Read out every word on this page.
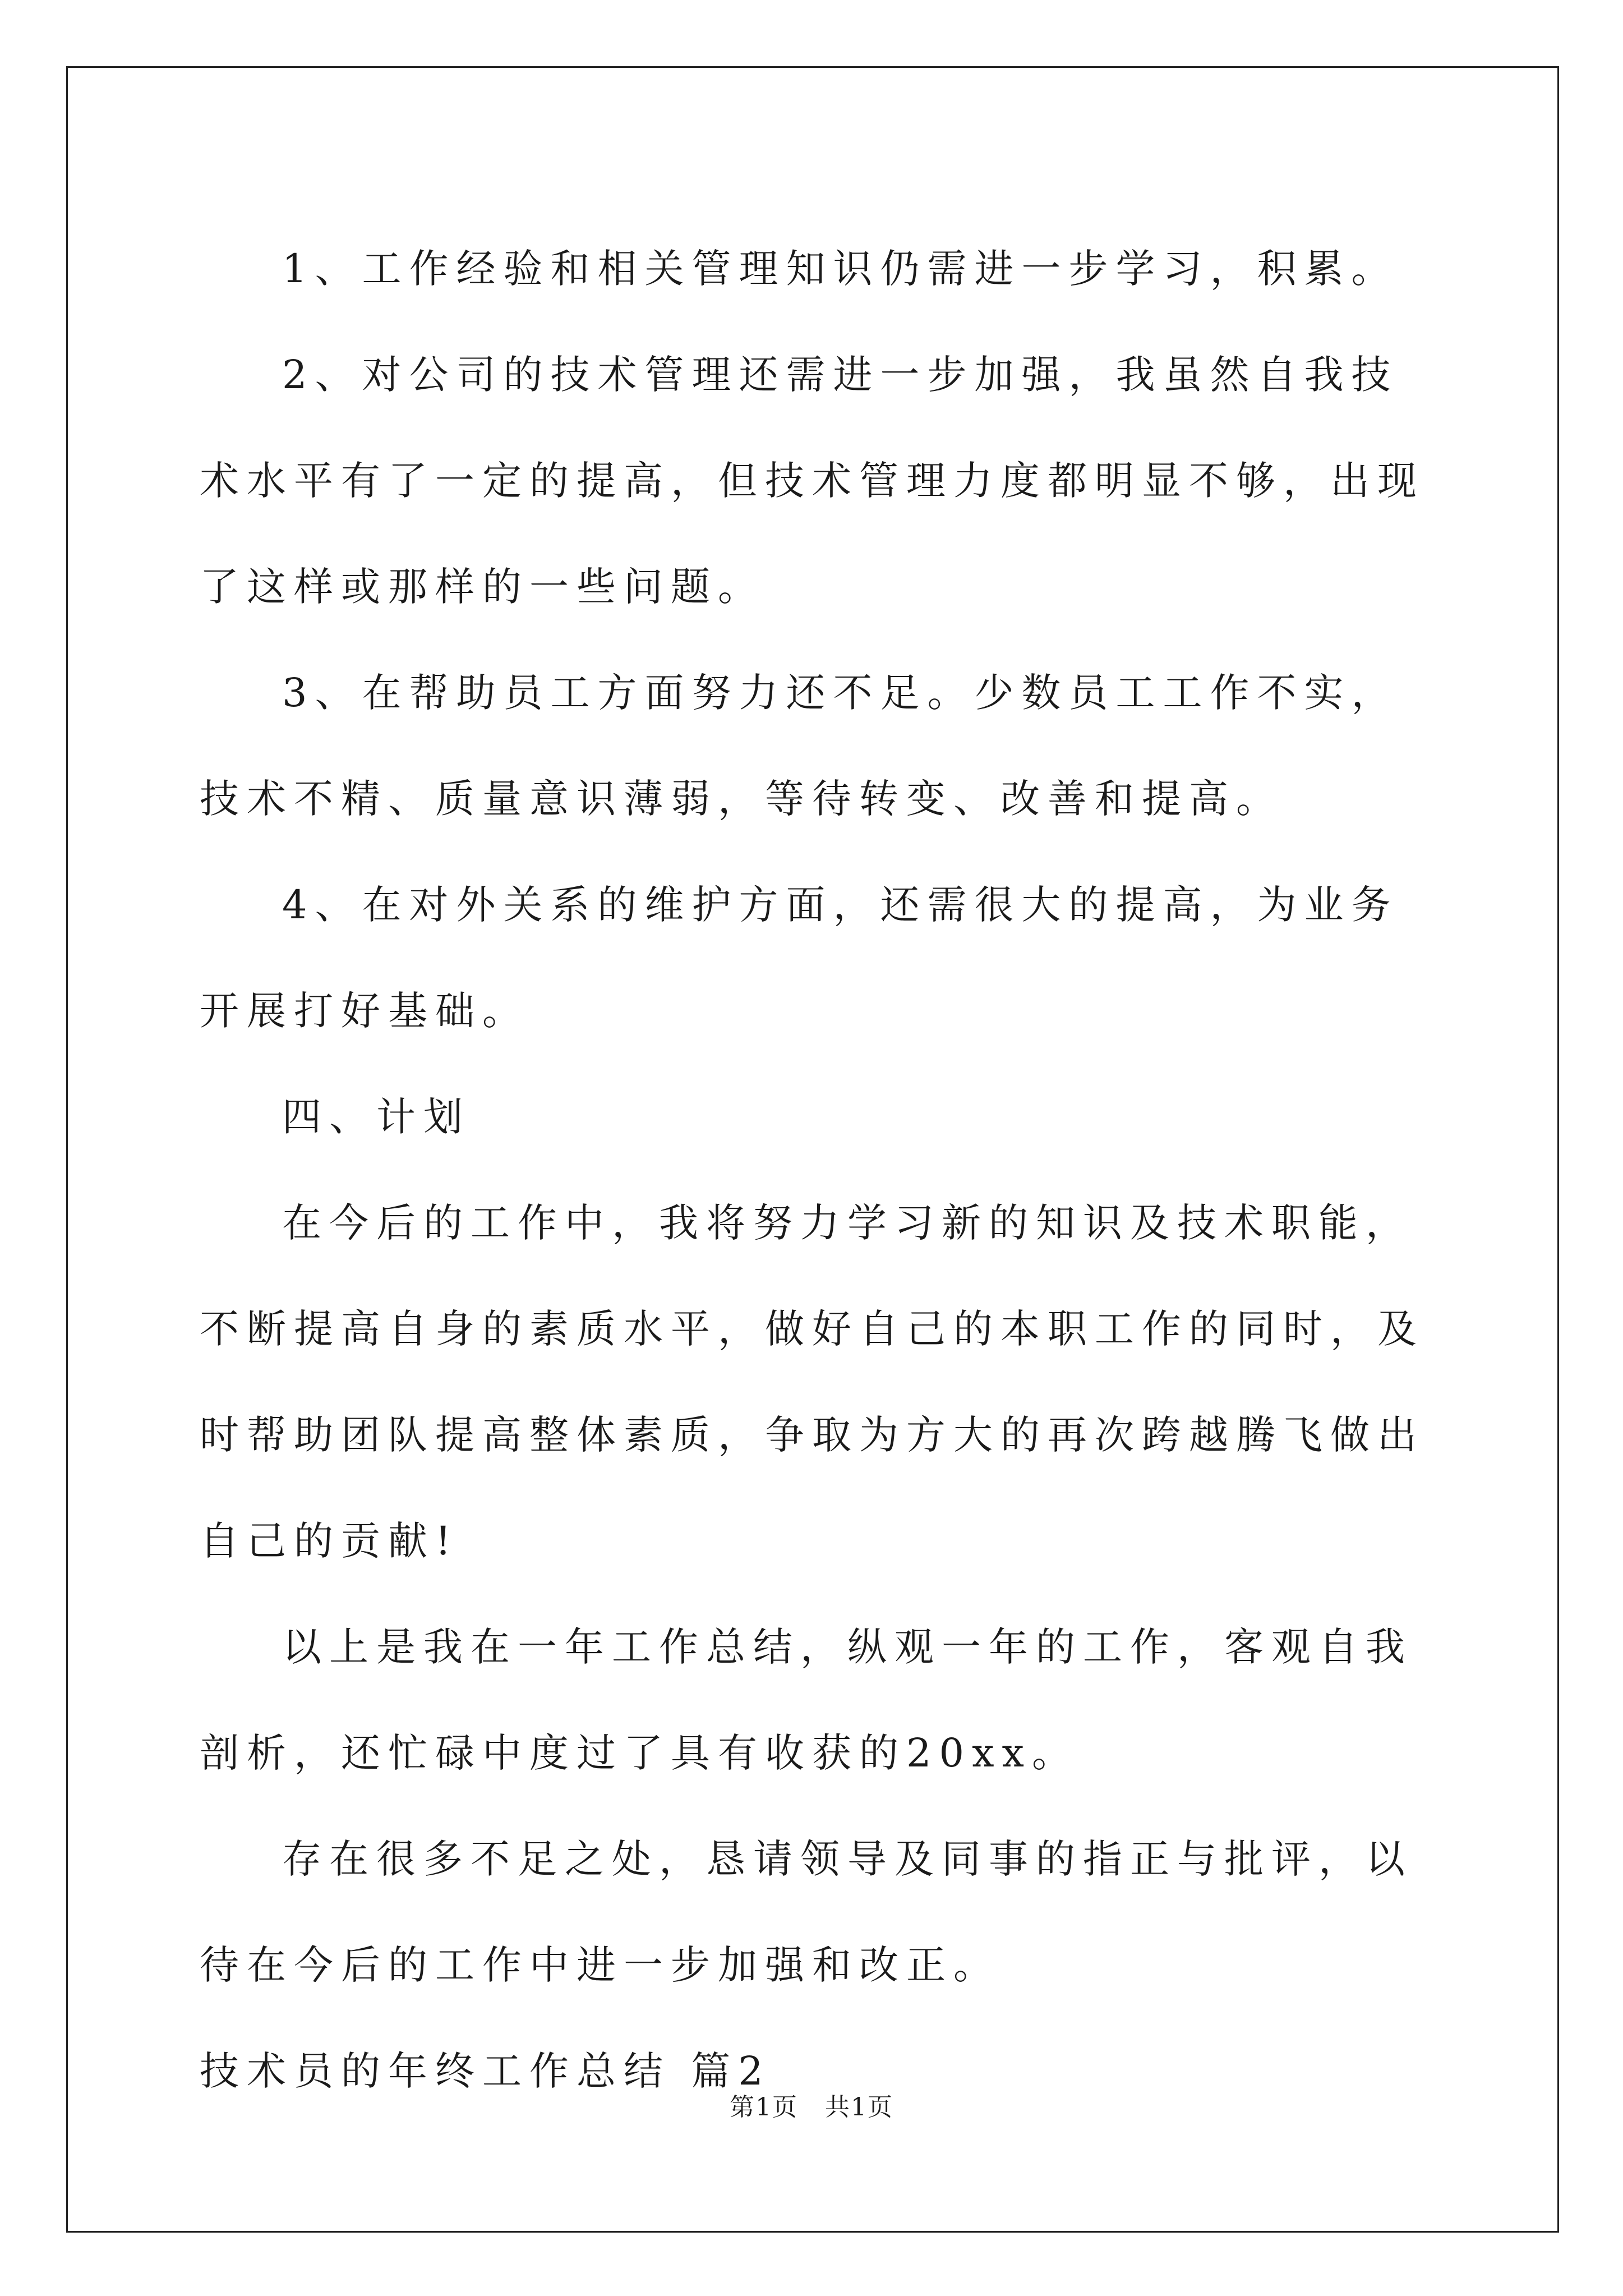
1、工作经验和相关管理知识仍需进一步学习，积累。

2、对公司的技术管理还需进一步加强，我虽然自我技术水平有了一定的提高，但技术管理力度都明显不够，出现了这样或那样的一些问题。

3、在帮助员工方面努力还不足。少数员工工作不实，技术不精、质量意识薄弱，等待转变、改善和提高。

4、在对外关系的维护方面，还需很大的提高，为业务开展打好基础。

四、计划

在今后的工作中，我将努力学习新的知识及技术职能，不断提高自身的素质水平，做好自己的本职工作的同时，及时帮助团队提高整体素质，争取为方大的再次跨越腾飞做出自己的贡献!

以上是我在一年工作总结，纵观一年的工作，客观自我剖析，还忙碌中度过了具有收获的20xx。

存在很多不足之处，恳请领导及同事的指正与批评，以待在今后的工作中进一步加强和改正。

技术员的年终工作总结 篇2

第1页 共1页
